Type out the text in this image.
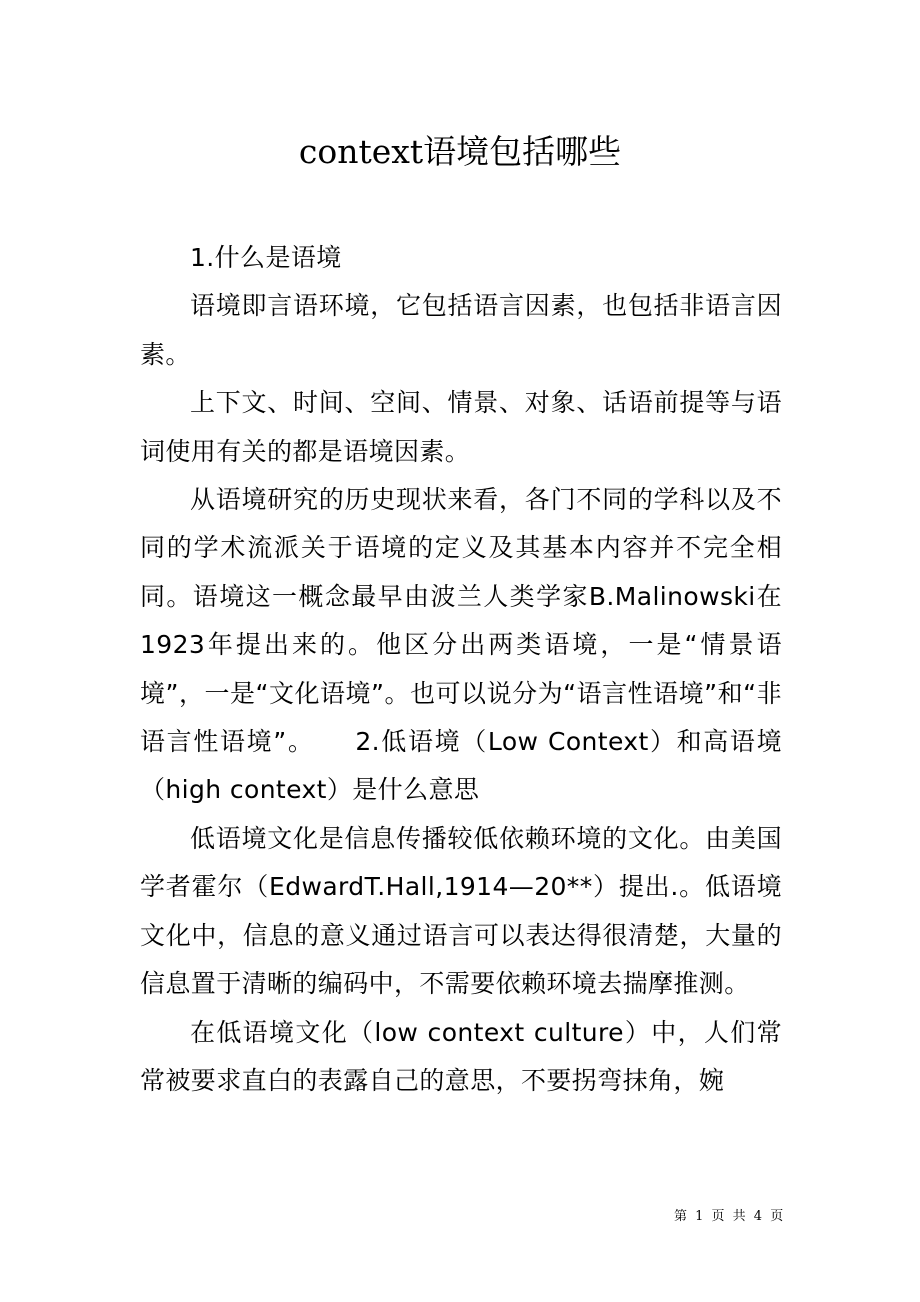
context语境包括哪些

1.什么是语境

语境即言语环境，它包括语言因素，也包括非语言因素。

上下文、时间、空间、情景、对象、话语前提等与语词使用有关的都是语境因素。

从语境研究的历史现状来看，各门不同的学科以及不同的学术流派关于语境的定义及其基本内容并不完全相同。语境这一概念最早由波兰人类学家B.Malinowski在1923年提出来的。他区分出两类语境，一是“情景语境”，一是“文化语境”。也可以说分为“语言性语境”和“非语言性语境”。　　2.低语境（Low Context）和高语境（high context）是什么意思

低语境文化是信息传播较低依赖环境的文化。由美国学者霍尔（EdwardT.Hall,1914—20**）提出.。低语境文化中，信息的意义通过语言可以表达得很清楚，大量的信息置于清晰的编码中，不需要依赖环境去揣摩推测。

在低语境文化（low context culture）中，人们常常被要求直白的表露自己的意思，不要拐弯抹角，婉

第 1 页 共 4 页
